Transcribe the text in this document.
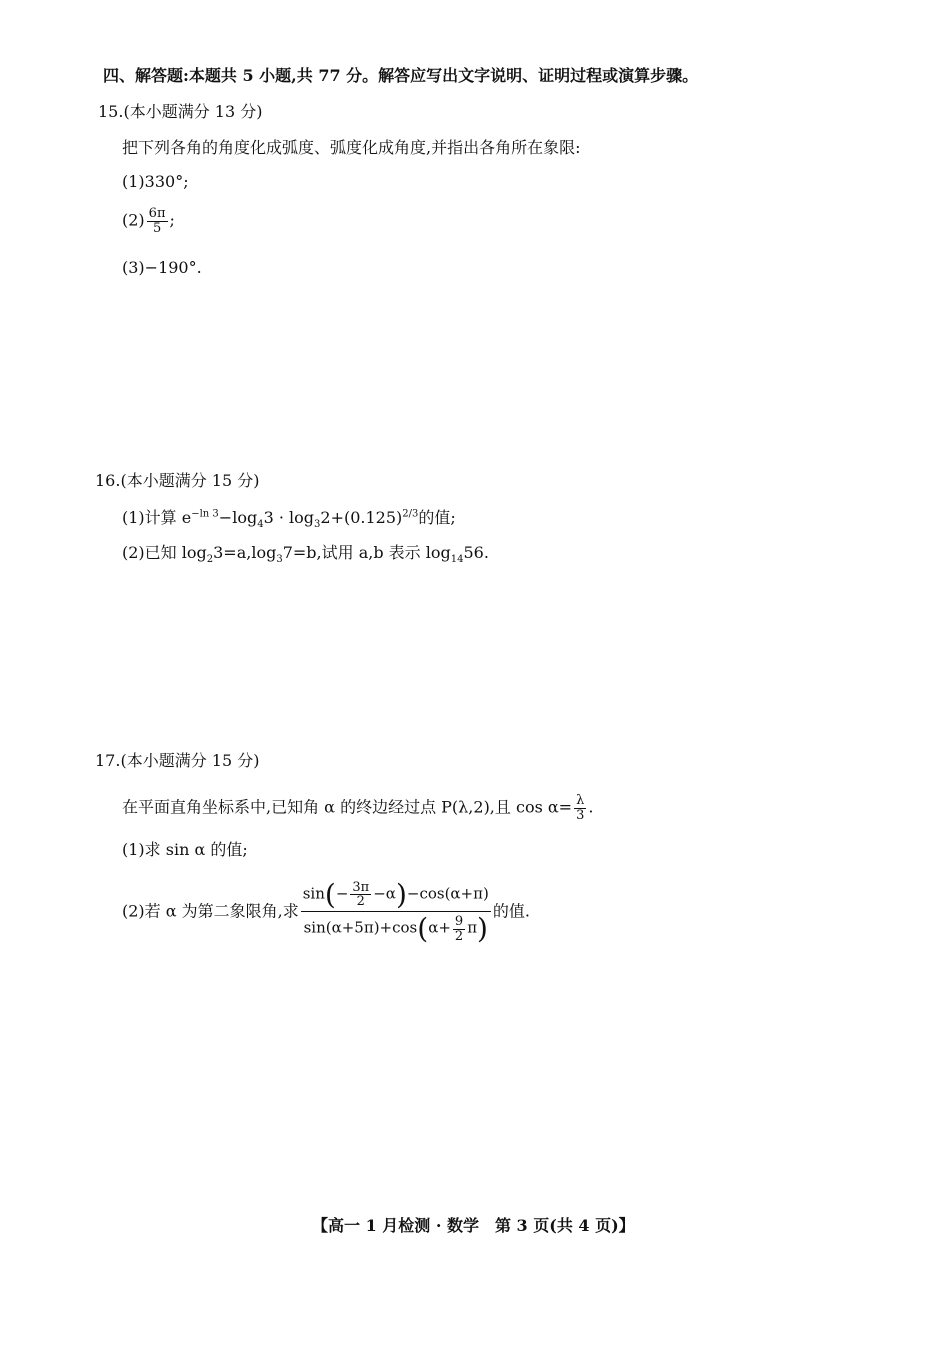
四、解答题:本题共 5 小题,共 77 分。解答应写出文字说明、证明过程或演算步骤。
15.(本小题满分 13 分)
把下列各角的角度化成弧度、弧度化成角度,并指出各角所在象限:
(1)330°;
$(2) \frac{6\pi}{5}$ ;
(3)−190°.
16.(本小题满分 15 分)
(1)计算 $e^{-ln 3}-\log_43 \cdot \log_32+(0.125)^{2/3}$的值;
(2)已知 $\log_23=a,\log_37=b$,试用 a,b 表示 $\log_{14}56$.
17.(本小题满分 15 分)
在平面直角坐标系中,已知角 α 的终边经过点 P(λ,2),且 $\cos \alpha= \frac{\lambda}{3}$ .
(1)求 sin α 的值;
(2)若 α 为第二象限角,求 $\frac{\sin(- \frac{3\pi}{2} -\alpha)-\cos(\alpha+\pi)}{\sin(\alpha+5\pi)+\cos(\alpha+ \frac{9}{2} \pi)}$ 的值.
【高一 1 月检测 · 数学　第 3 页(共 4 页)】
